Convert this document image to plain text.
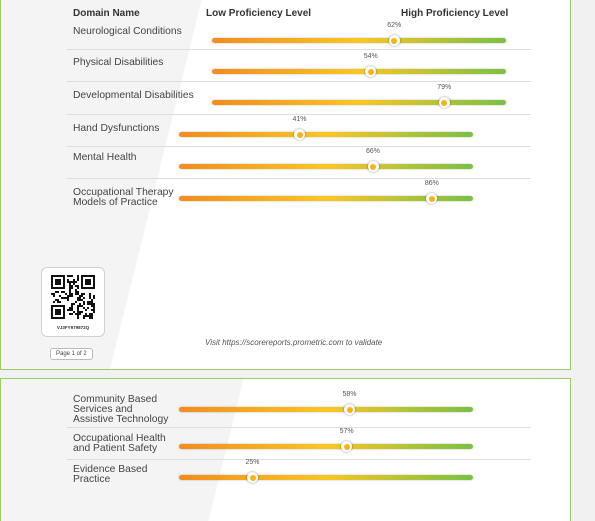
Domain Name	Low Proficiency Level	High Proficiency Level
Neurological Conditions
62%
Physical Disabilities
54%
Developmental Disabilities
79%
Hand Dysfunctions
41%
Mental Health
66%
Occupational Therapy
Models of Practice
86%
VJ3FY979872Q
Page 1 of 2
Visit https://scorereports.prometric.com to validate
Community Based
Services and
Assistive Technology
58%
Occupational Health
and Patient Safety
57%
Evidence Based
Practice
25%
